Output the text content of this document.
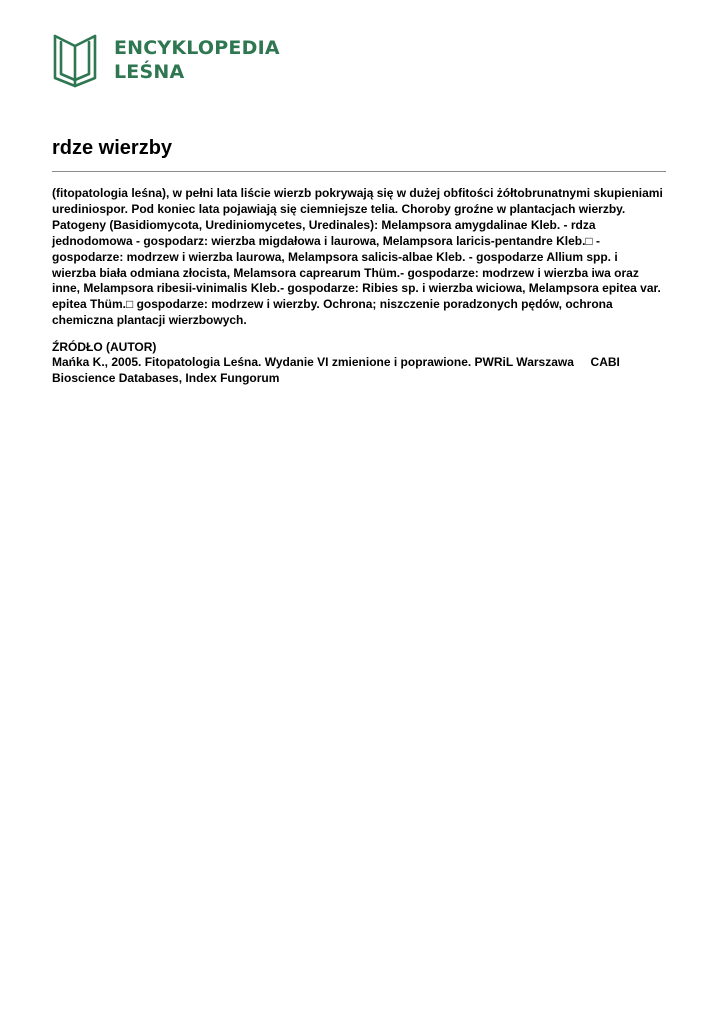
ENCYKLOPEDIA
LEŚNA
rdze wierzby

(fitopatologia leśna), w pełni lata liście wierzb pokrywają się w dużej obfitości żółtobrunatnymi skupieniami urediniospor. Pod koniec lata pojawiają się ciemniejsze telia. Choroby groźne w plantacjach wierzby. Patogeny (Basidiomycota, Urediniomycetes, Uredinales): Melampsora amygdalinae Kleb. - rdza jednodomowa - gospodarz: wierzba migdałowa i laurowa, Melampsora laricis-pentandre Kleb.□ - gospodarze: modrzew i wierzba laurowa, Melampsora salicis-albae Kleb. - gospodarze Allium spp. i wierzba biała odmiana złocista, Melamsora caprearum Thüm.- gospodarze: modrzew i wierzba iwa oraz inne, Melampsora ribesii-vinimalis Kleb.- gospodarze: Ribies sp. i wierzba wiciowa, Melampsora epitea var. epitea Thüm.□ gospodarze: modrzew i wierzby. Ochrona; niszczenie poradzonych pędów, ochrona chemiczna plantacji wierzbowych.

ŹRÓDŁO (AUTOR)

Mańka K., 2005. Fitopatologia Leśna. Wydanie VI zmienione i poprawione. PWRiL Warszawa     CABI Bioscience Databases, Index Fungorum
